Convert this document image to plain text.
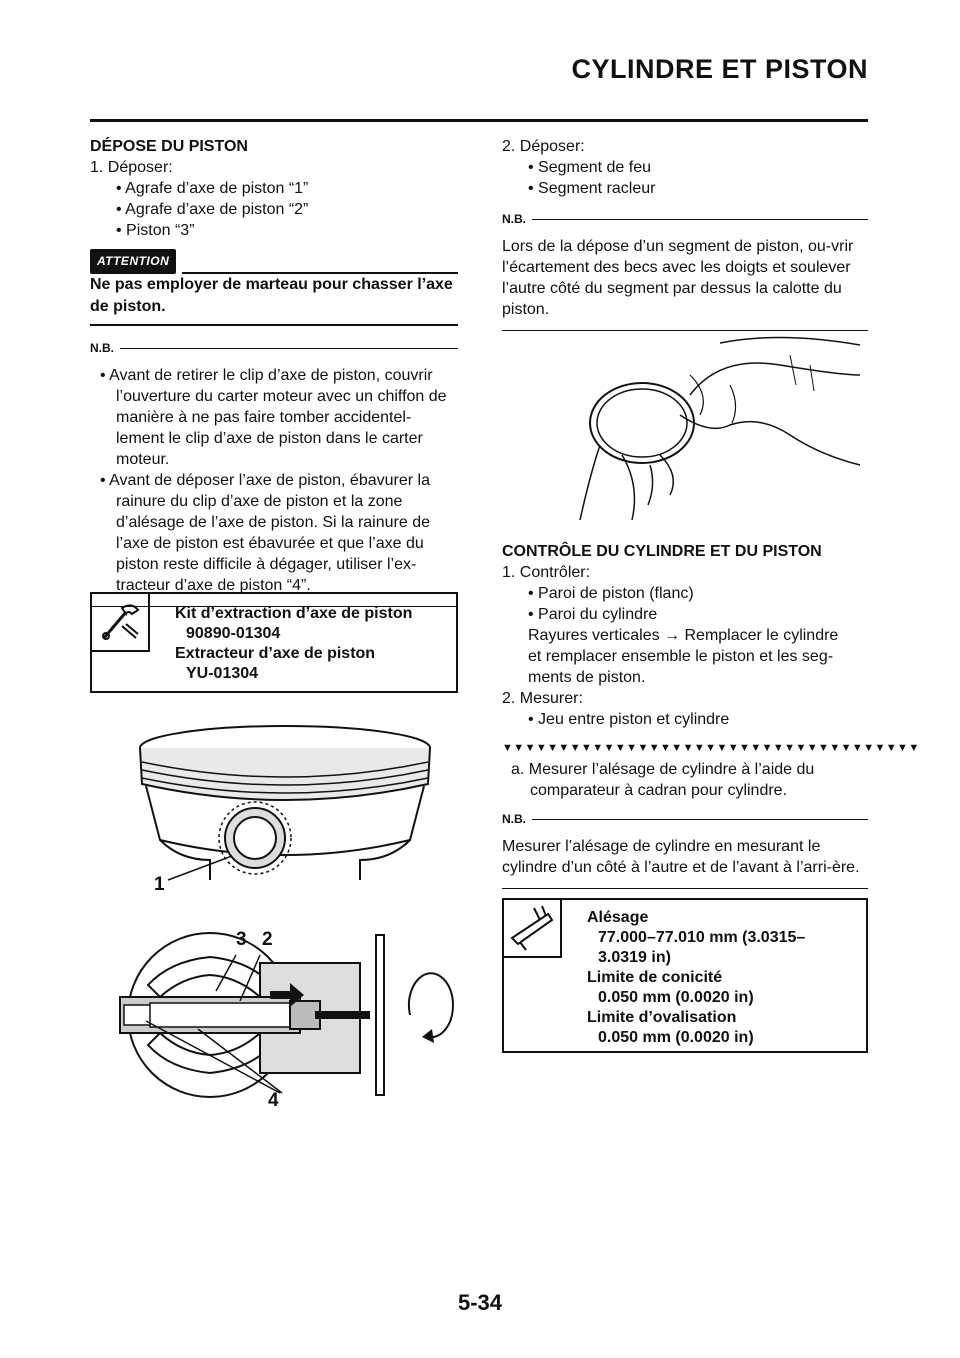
CYLINDRE ET PISTON

DÉPOSE DU PISTON

1. Déposer:

• Agrafe d’axe de piston “1”

• Agrafe d’axe de piston “2”

• Piston “3”

ATTENTION

Ne pas employer de marteau pour chasser l’axe de piston.

N.B.

• Avant de retirer le clip d’axe de piston, couvrir l’ouverture du carter moteur avec un chiffon de manière à ne pas faire tomber accidentel-lement le clip d’axe de piston dans le carter moteur.

• Avant de déposer l’axe de piston, ébavurer la rainure du clip d’axe de piston et la zone d’alésage de l’axe de piston. Si la rainure de l’axe de piston est ébavurée et que l’axe du piston reste difficile à dégager, utiliser l’ex-tracteur d’axe de piston “4”.

Kit d’extraction d’axe de piston
90890-01304
Extracteur d’axe de piston
YU-01304
1
3 2
4

2. Déposer:

• Segment de feu

• Segment racleur

N.B.

Lors de la dépose d’un segment de piston, ou-vrir l’écartement des becs avec les doigts et soulever l’autre côté du segment par dessus la calotte du piston.

CONTRÔLE DU CYLINDRE ET DU PISTON

1. Contrôler:

• Paroi de piston (flanc)

• Paroi du cylindre

Rayures verticales → Remplacer le cylindre

et remplacer ensemble le piston et les seg-

ments de piston.

2. Mesurer:

• Jeu entre piston et cylindre

▼▼▼▼▼▼▼▼▼▼▼▼▼▼▼▼▼▼▼▼▼▼▼▼▼▼▼▼▼▼▼▼▼▼▼▼▼

a. Mesurer l’alésage de cylindre à l’aide du comparateur à cadran pour cylindre.

N.B.

Mesurer l’alésage de cylindre en mesurant le cylindre d’un côté à l’autre et de l’avant à l’arri-ère.

Alésage
77.000–77.010 mm (3.0315–
3.0319 in)
Limite de conicité
0.050 mm (0.0020 in)
Limite d’ovalisation
0.050 mm (0.0020 in)
5-34
